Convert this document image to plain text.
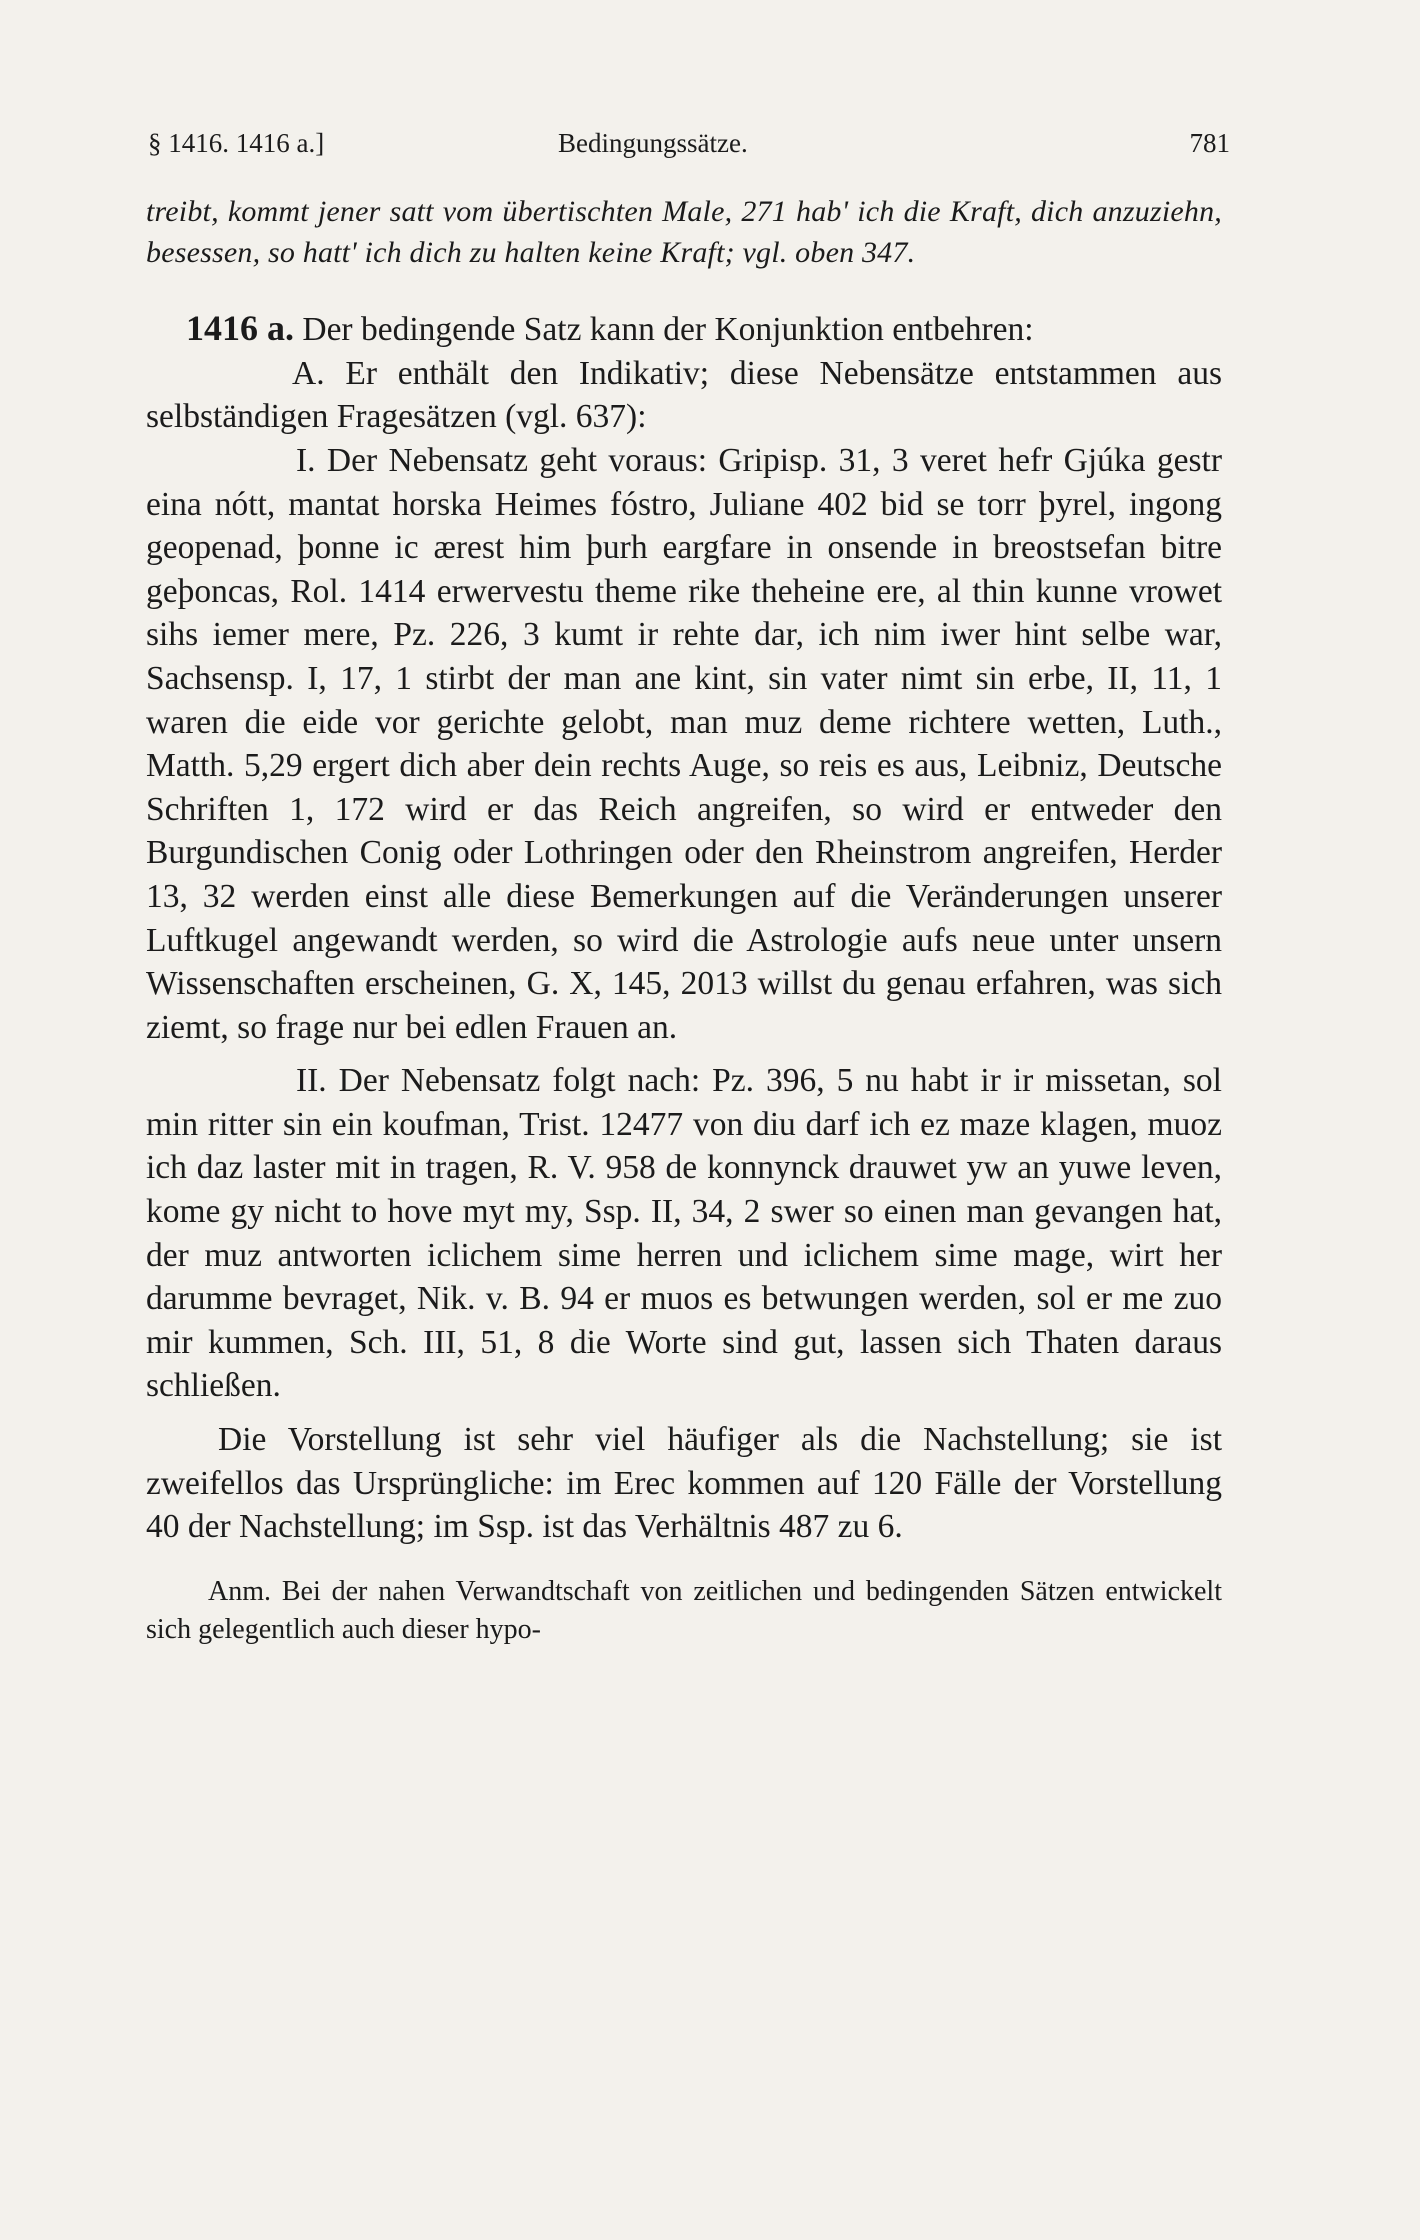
§ 1416. 1416 a.]	Bedingungssätze.	781

treibt, kommt jener satt vom übertischten Male, 271 hab' ich die Kraft, dich anzuziehn, besessen, so hatt' ich dich zu halten keine Kraft; vgl. oben 347.

1416 a. Der bedingende Satz kann der Konjunktion entbehren:

A. Er enthält den Indikativ; diese Nebensätze entstammen aus selbständigen Fragesätzen (vgl. 637):

I. Der Nebensatz geht voraus: Gripisp. 31, 3 veret hefr Gjúka gestr eina nótt, mantat horska Heimes fóstro, Juliane 402 bid se torr þyrel, ingong geopenad, þonne ic ærest him þurh eargfare in onsende in breostsefan bitre geþoncas, Rol. 1414 erwervestu theme rike theheine ere, al thin kunne vrowet sihs iemer mere, Pz. 226, 3 kumt ir rehte dar, ich nim iwer hint selbe war, Sachsensp. I, 17, 1 stirbt der man ane kint, sin vater nimt sin erbe, II, 11, 1 waren die eide vor gerichte gelobt, man muz deme richtere wetten, Luth., Matth. 5,29 ergert dich aber dein rechts Auge, so reis es aus, Leibniz, Deutsche Schriften 1, 172 wird er das Reich angreifen, so wird er entweder den Burgundischen Conig oder Lothringen oder den Rheinstrom angreifen, Herder 13, 32 werden einst alle diese Bemerkungen auf die Veränderungen unserer Luftkugel angewandt werden, so wird die Astrologie aufs neue unter unsern Wissenschaften erscheinen, G. X, 145, 2013 willst du genau erfahren, was sich ziemt, so frage nur bei edlen Frauen an.

II. Der Nebensatz folgt nach: Pz. 396, 5 nu habt ir ir missetan, sol min ritter sin ein koufman, Trist. 12477 von diu darf ich ez maze klagen, muoz ich daz laster mit in tragen, R. V. 958 de konnynck drauwet yw an yuwe leven, kome gy nicht to hove myt my, Ssp. II, 34, 2 swer so einen man gevangen hat, der muz antworten iclichem sime herren und iclichem sime mage, wirt her darumme bevraget, Nik. v. B. 94 er muos es betwungen werden, sol er me zuo mir kummen, Sch. III, 51, 8 die Worte sind gut, lassen sich Thaten daraus schließen.

Die Vorstellung ist sehr viel häufiger als die Nachstellung; sie ist zweifellos das Ursprüngliche: im Erec kommen auf 120 Fälle der Vorstellung 40 der Nachstellung; im Ssp. ist das Verhältnis 487 zu 6.

Anm. Bei der nahen Verwandtschaft von zeitlichen und bedingenden Sätzen entwickelt sich gelegentlich auch dieser hypo-
